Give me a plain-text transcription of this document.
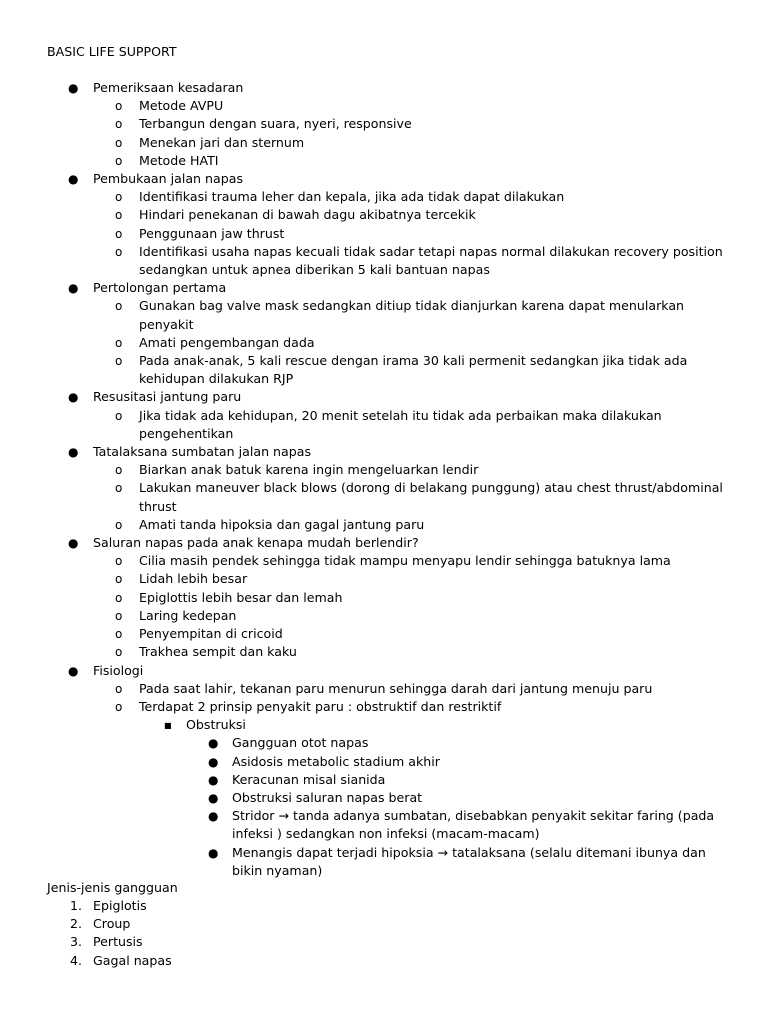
BASIC LIFE SUPPORT
● Pemeriksaan kesadaran
o Metode AVPU
o Terbangun dengan suara, nyeri, responsive
o Menekan jari dan sternum
o Metode HATI
● Pembukaan jalan napas
o Identifikasi trauma leher dan kepala, jika ada tidak dapat dilakukan
o Hindari penekanan di bawah dagu akibatnya tercekik
o Penggunaan jaw thrust
o Identifikasi usaha napas kecuali tidak sadar tetapi napas normal dilakukan recovery position sedangkan untuk apnea diberikan 5 kali bantuan napas
● Pertolongan pertama
o Gunakan bag valve mask sedangkan ditiup tidak dianjurkan karena dapat menularkan penyakit
o Amati pengembangan dada
o Pada anak-anak, 5 kali rescue dengan irama 30 kali permenit sedangkan jika tidak ada kehidupan dilakukan RJP
● Resusitasi jantung paru
o Jika tidak ada kehidupan, 20 menit setelah itu tidak ada perbaikan maka dilakukan pengehentikan
● Tatalaksana sumbatan jalan napas
o Biarkan anak batuk karena ingin mengeluarkan lendir
o Lakukan maneuver black blows (dorong di belakang punggung) atau chest thrust/abdominal thrust
o Amati tanda hipoksia dan gagal jantung paru
● Saluran napas pada anak kenapa mudah berlendir?
o Cilia masih pendek sehingga tidak mampu menyapu lendir sehingga batuknya lama
o Lidah lebih besar
o Epiglottis lebih besar dan lemah
o Laring kedepan
o Penyempitan di cricoid
o Trakhea sempit dan kaku
● Fisiologi
o Pada saat lahir, tekanan paru menurun sehingga darah dari jantung menuju paru
o Terdapat 2 prinsip penyakit paru : obstruktif dan restriktif
■ Obstruksi
● Gangguan otot napas
● Asidosis metabolic stadium akhir
● Keracunan misal sianida
● Obstruksi saluran napas berat
● Stridor → tanda adanya sumbatan, disebabkan penyakit sekitar faring (pada infeksi ) sedangkan non infeksi (macam-macam)
● Menangis dapat terjadi hipoksia → tatalaksana (selalu ditemani ibunya dan bikin nyaman)
Jenis-jenis gangguan
1. Epiglotis
2. Croup
3. Pertusis
4. Gagal napas
